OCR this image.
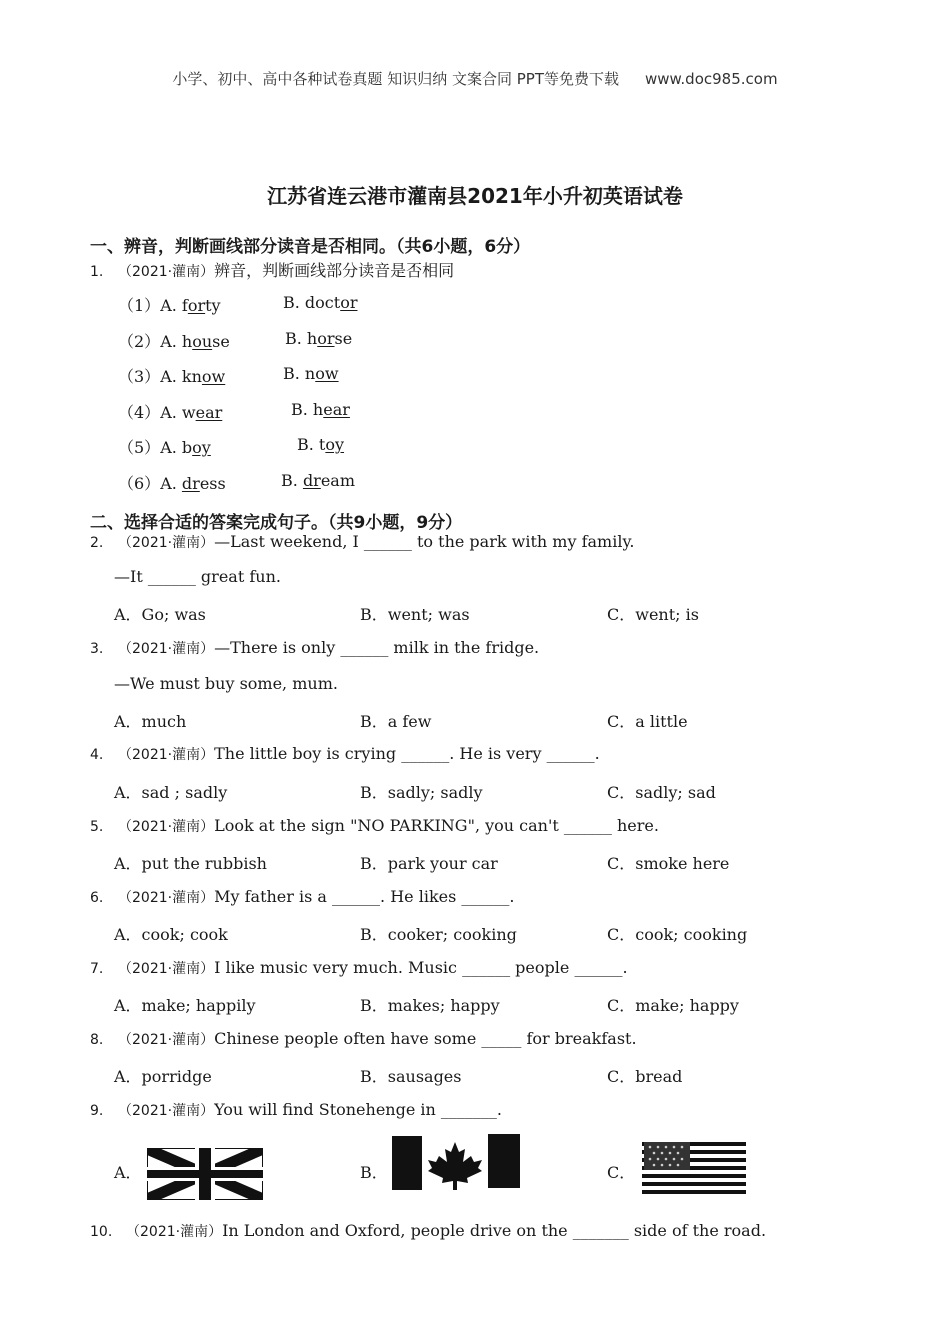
小学、初中、高中各种试卷真题 知识归纳 文案合同 PPT等免费下载 www.doc985.com
江苏省连云港市灌南县2021年小升初英语试卷
一、辨音，判断画线部分读音是否相同。（共6小题，6分）
1. （2021·灌南）辨音，判断画线部分读音是否相同
（1）A. forty	B. doctor
（2）A. house	B. horse
（3）A. know	B. now
（4）A. wear	B. hear
（5）A. boy	B. toy
（6）A. dress	B. dream
二、选择合适的答案完成句子。（共9小题，9分）
2. （2021·灌南）—Last weekend, I ______ to the park with my family.
—It ______ great fun.
A．Go; was	B．went; was	C．went; is
3. （2021·灌南）—There is only ______ milk in the fridge.
—We must buy some, mum.
A．much	B．a few	C．a little
4. （2021·灌南）The little boy is crying ______. He is very ______.
A．sad ; sadly	B．sadly; sadly	C．sadly; sad
5. （2021·灌南）Look at the sign "NO PARKING", you can't ______ here.
A．put the rubbish	B．park your car	C．smoke here
6. （2021·灌南）My father is a ______. He likes ______.
A．cook; cook	B．cooker; cooking	C．cook; cooking
7. （2021·灌南）I like music very much. Music ______ people ______.
A．make; happily	B．makes; happy	C．make; happy
8. （2021·灌南）Chinese people often have some _____ for breakfast.
A．porridge	B．sausages	C．bread
9. （2021·灌南）You will find Stonehenge in _______.
A．	B．	C．
10. （2021·灌南）In London and Oxford, people drive on the _______ side of the road.
